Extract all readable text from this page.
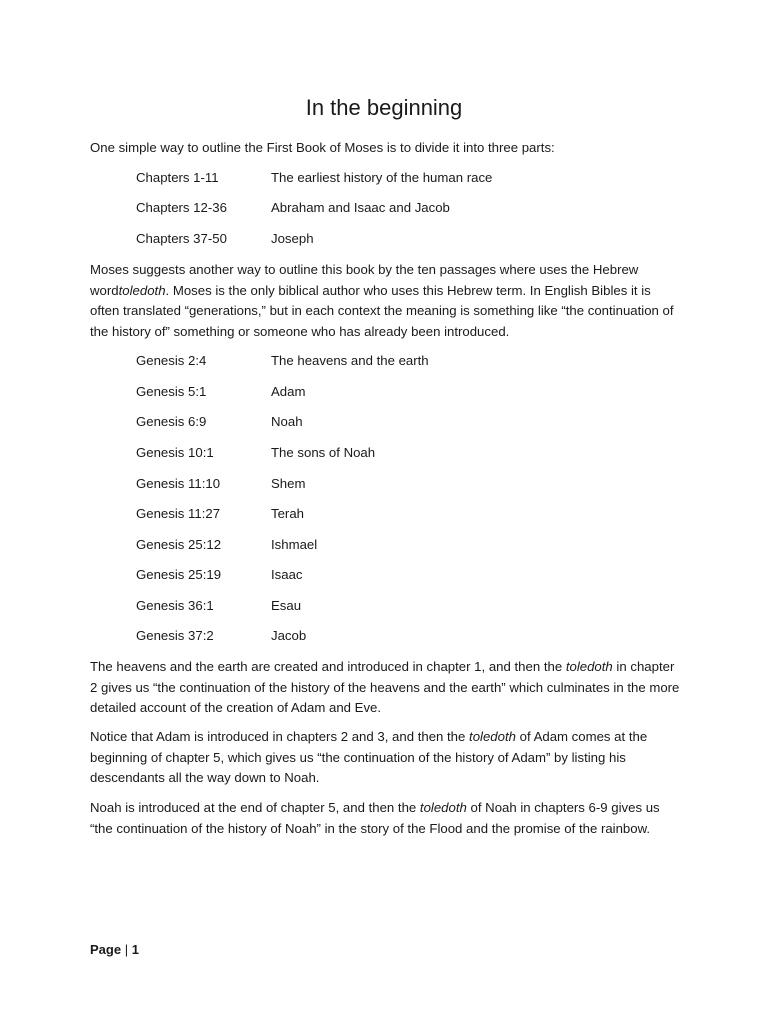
In the beginning

One simple way to outline the First Book of Moses is to divide it into three parts:

Chapters 1-11	The earliest history of the human race
Chapters 12-36	Abraham and Isaac and Jacob
Chapters 37-50	Joseph

Moses suggests another way to outline this book by the ten passages where uses the Hebrew wordtoledoth. Moses is the only biblical author who uses this Hebrew term. In English Bibles it is often translated “generations,” but in each context the meaning is something like “the continuation of the history of” something or someone who has already been introduced.

Genesis 2:4	The heavens and the earth
Genesis 5:1	Adam
Genesis 6:9	Noah
Genesis 10:1	The sons of Noah
Genesis 11:10	Shem
Genesis 11:27	Terah
Genesis 25:12	Ishmael
Genesis 25:19	Isaac
Genesis 36:1	Esau
Genesis 37:2	Jacob

The heavens and the earth are created and introduced in chapter 1, and then the toledoth in chapter 2 gives us “the continuation of the history of the heavens and the earth” which culminates in the more detailed account of the creation of Adam and Eve.

Notice that Adam is introduced in chapters 2 and 3, and then the toledoth of Adam comes at the beginning of chapter 5, which gives us “the continuation of the history of Adam” by listing his descendants all the way down to Noah.

Noah is introduced at the end of chapter 5, and then the toledoth of Noah in chapters 6-9 gives us “the continuation of the history of Noah” in the story of the Flood and the promise of the rainbow.

Page | 1
